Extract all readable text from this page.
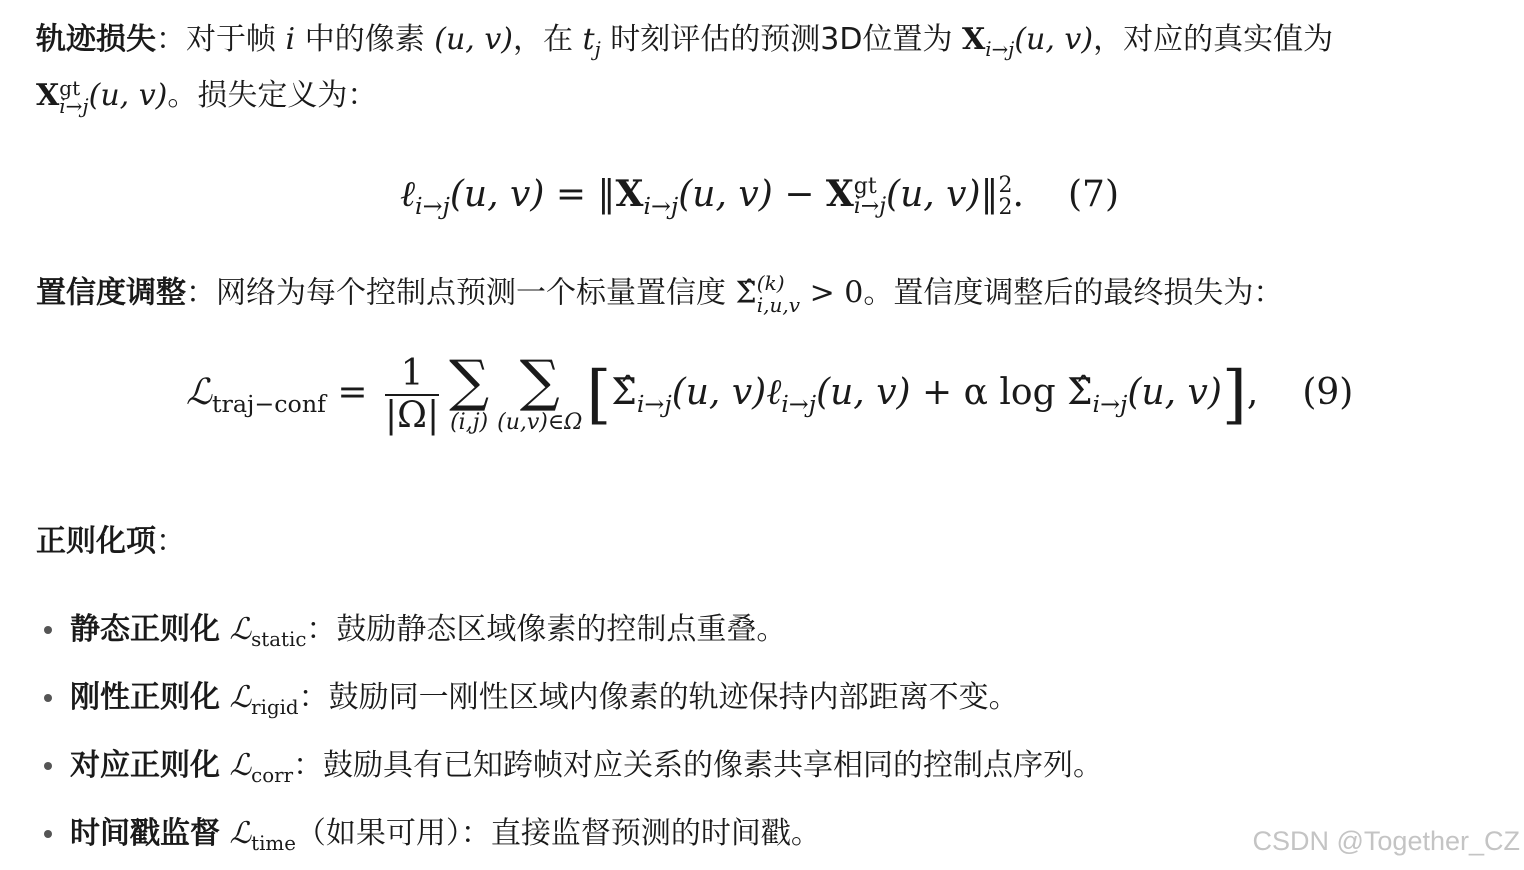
轨迹损失：对于帧 i 中的像素 (u, v)，在 $t_j$ 时刻评估的预测3D位置为 $X_{i\to j}(u$, v)，对应的真实值为
X gt
i→j (u, v)。损失定义为：
ℓ$_{i\to j}$(u, $v) = ‖X_{i\to j}(u$, v) − X gt
i→j (u, v)‖ 2
2 . (7)
置信度调整：网络为每个控制点预测一个标量置信度 Σ̂ (k)
i,u,v > 0。置信度调整后的最终损失为：
ℒ$_{traj-conf}$ = $\frac{1}{|\Omega|}$ ∑
(i,j)
∑
(u,v)∈Ω [$\Sigmâ_{i\to j}(u$, v)ℓ$_{i\to j}$(u, v) + α $\log \Sigmâ_{i\to j}(u$, v)], (9)
正则化项：
静态正则化 ℒ$_{static}$：鼓励静态区域像素的控制点重叠。
刚性正则化 ℒ$_{rigid}$：鼓励同一刚性区域内像素的轨迹保持内部距离不变。
对应正则化 ℒ$_{corr}$：鼓励具有已知跨帧对应关系的像素共享相同的控制点序列。
时间戳监督 ℒ$_{time}$（如果可用）：直接监督预测的时间戳。	CSDN @Together_CZ
